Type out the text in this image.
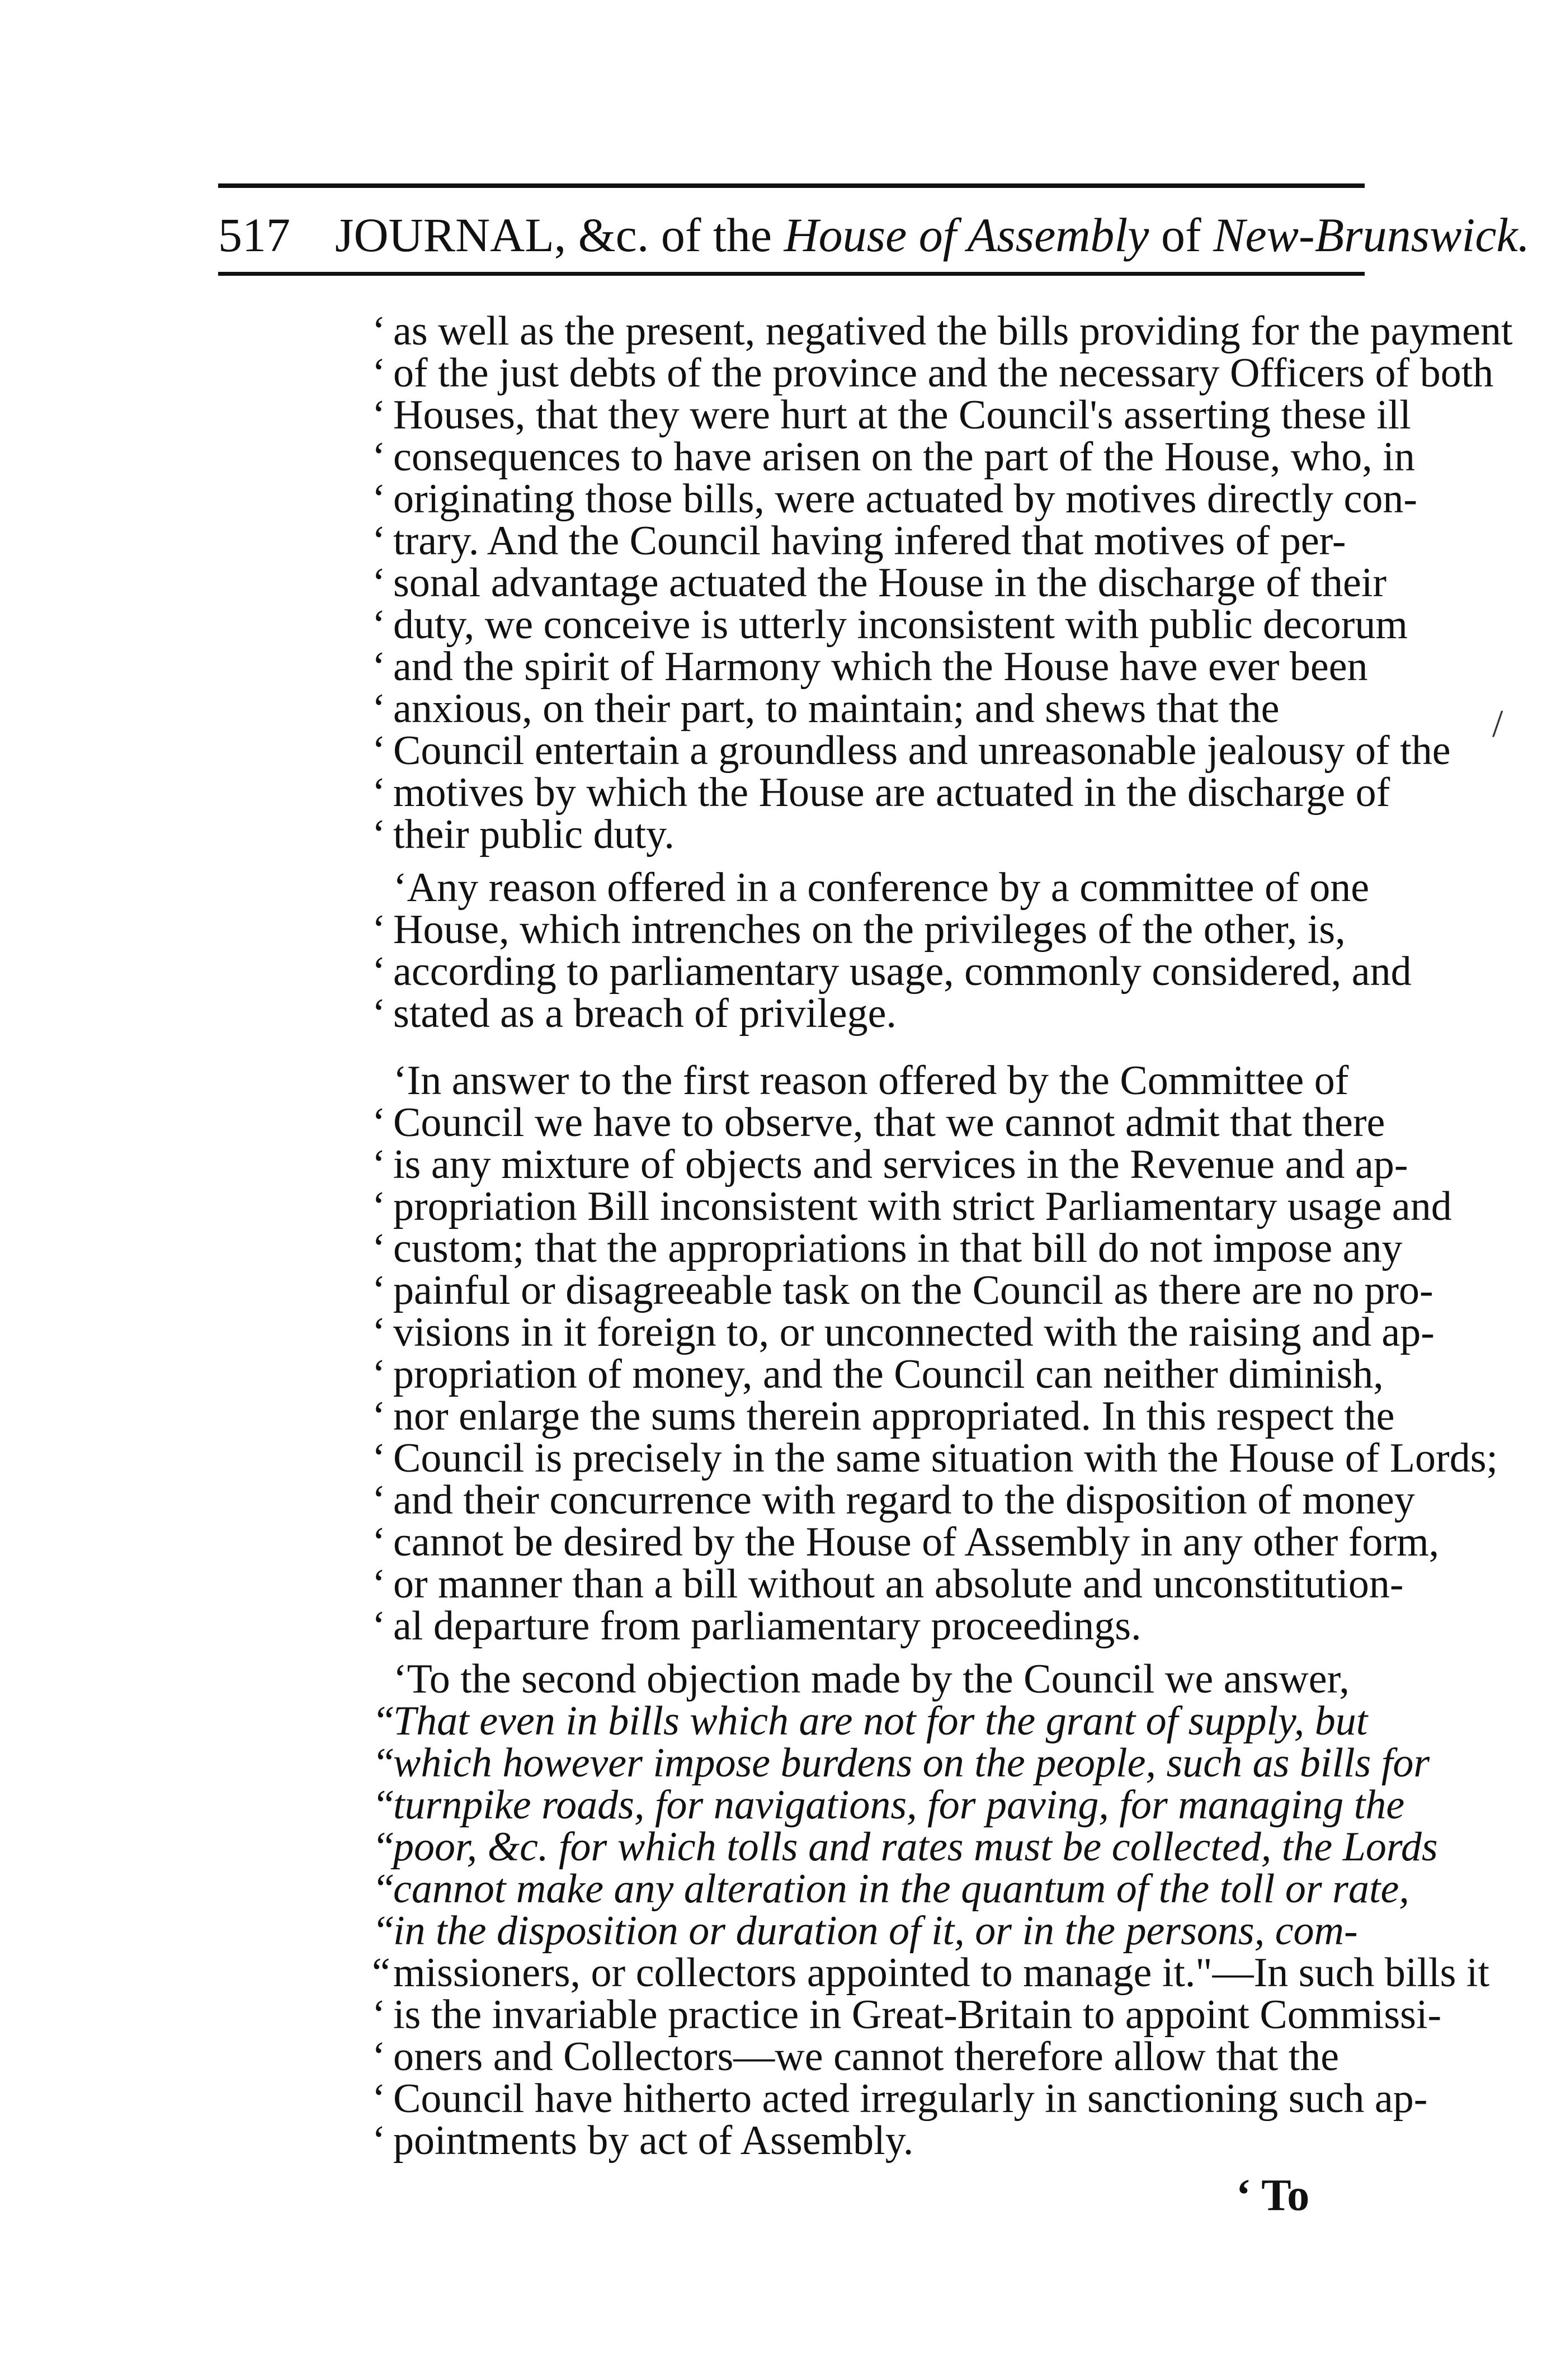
517 JOURNAL, &c. of the House of Assembly of New-Brunswick.
‘ as well as the present, negatived the bills providing for the payment
‘ of the just debts of the province and the necessary Officers of both
‘ Houses, that they were hurt at the Council's asserting these ill
‘ consequences to have arisen on the part of the House, who, in
‘ originating those bills, were actuated by motives directly con-
‘ trary. And the Council having infered that motives of per-
‘ sonal advantage actuated the House in the discharge of their
‘ duty, we conceive is utterly inconsistent with public decorum
‘ and the spirit of Harmony which the House have ever been
‘ anxious, on their part, to maintain; and shews that the
‘ Council entertain a groundless and unreasonable jealousy of the
‘ motives by which the House are actuated in the discharge of
‘ their public duty.
‘Any reason offered in a conference by a committee of one
‘ House, which intrenches on the privileges of the other, is,
‘ according to parliamentary usage, commonly considered, and
‘ stated as a breach of privilege.
‘In answer to the first reason offered by the Committee of
‘ Council we have to observe, that we cannot admit that there
‘ is any mixture of objects and services in the Revenue and ap-
‘ propriation Bill inconsistent with strict Parliamentary usage and
‘ custom; that the appropriations in that bill do not impose any
‘ painful or disagreeable task on the Council as there are no pro-
‘ visions in it foreign to, or unconnected with the raising and ap-
‘ propriation of money, and the Council can neither diminish,
‘ nor enlarge the sums therein appropriated. In this respect the
‘ Council is precisely in the same situation with the House of Lords;
‘ and their concurrence with regard to the disposition of money
‘ cannot be desired by the House of Assembly in any other form,
‘ or manner than a bill without an absolute and unconstitution-
‘ al departure from parliamentary proceedings.
‘To the second objection made by the Council we answer,
“That even in bills which are not for the grant of supply, but
“which however impose burdens on the people, such as bills for
“turnpike roads, for navigations, for paving, for managing the
“poor, &c. for which tolls and rates must be collected, the Lords
“cannot make any alteration in the quantum of the toll or rate,
“in the disposition or duration of it, or in the persons, com-
“missioners, or collectors appointed to manage it."—In such bills it
‘ is the invariable practice in Great-Britain to appoint Commissi-
‘ oners and Collectors—we cannot therefore allow that the
‘ Council have hitherto acted irregularly in sanctioning such ap-
‘ pointments by act of Assembly.
‘ To
/
